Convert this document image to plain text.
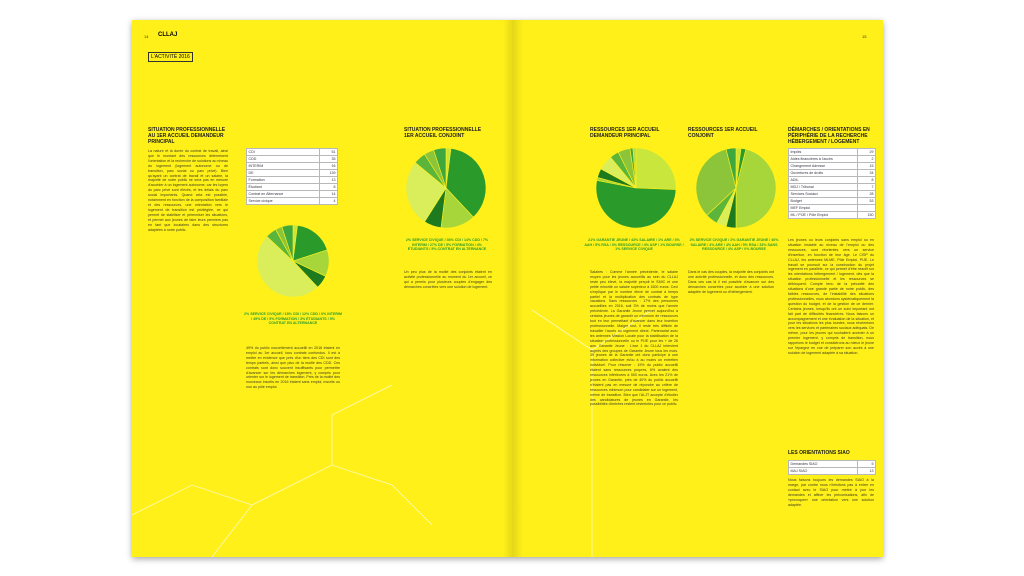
14 CLLAJ
L'ACTIVITÉ 2016
SITUATION PROFESSIONNELLE AU 1ER ACCUEIL DEMANDEUR PRINCIPAL
La nature et la durée du contrat de travail, ainsi que le montant des ressources déterminent l'orientation et la recherche de solutions au niveau du logement (logement autonome ou de transition, parc social ou parc privé). Bien qu'ayant un contrat de travail et un salaire, la majorité de notre public ne sera pas en mesure d'accéder à un logement autonome, car les loyers du parc privé sont élevés, et les délais du parc social importants. Quand cela est possible, notamment en fonction de la composition familiale et des ressources, une orientation vers le logement de transition est privilégiée, ce qui permet de stabiliser et pérenniser les situations, et permet aux jeunes de faire leurs premiers pas en tant que locataires dans des structures adaptées à notre public.
CDI	51
CDD	35
INTERIM	16
DE	139
Formation	13
Étudiant	8
Contrat en Alternance	14
Service civique	4
2% SERVICE CIVIQUE / 18% CDI / 12% CDD / 6% INTERIM / 49% DE / 5% FORMATION / 3% ÉTUDIANTS / 5% CONTRAT EN ALTERNANCE
49% du public nouvellement accueilli en 2016 étaient en emploi au 1er accueil, tous contrats confondus. Il est à mettre en évidence que près d'un tiers des CDI sont des temps partiels, ainsi que plus de la moitié des CDD. Ces contrats sont donc souvent insuffisants pour permettre d'avancer sur les démarches logement, y compris pour orienter sur le logement de transition. Près de la moitié des nouveaux inscrits en 2016 étaient sans emploi, inscrits ou non au pôle emploi.
SITUATION PROFESSIONNELLE 1ER ACCUEIL CONJOINT
2% SERVICE CIVIQUE / 36% CDI / 14% CDD / 7% INTERIM / 27% DE / 5% FORMATION / 4% ÉTUDIANTS / 5% CONTRAT EN ALTERNANCE
Un peu plus de la moitié des conjoints étaient en activité professionnelle au moment du 1er accueil, ce qui a permis pour plusieurs couples d'engager des démarches concrètes vers une solution de logement.
15
RESSOURCES 1ER ACCUEIL DEMANDEUR PRINCIPAL
21% GARANTIE JEUNE / 43% SALAIRE / 1% ARE / 3% AAH / 5% RSA / 3% RESSOURCE / 4% ASP / 1% BOURSE / 1% SERVICE CIVIQUE
Salaires : Comme l'année précédente, le salaire moyen pour les jeunes accueillis au sein du CLLAJ reste peu élevé, la majorité perçoit le SMIC et une petite minorité un salaire supérieur à 1500 euros. Ceci s'explique par le nombre élevé de contrat à temps partiel et la multiplication des contrats de type vacations. Sans ressources : 17% des personnes accueillies en 2016, soit 3% de moins que l'année précédente. La Garantie Jeune permet aujourd'hui à certains jeunes de garantir un minimum de ressources tout en leur permettant d'avancer dans leur insertion professionnelle. Malgré tout, il reste très difficile de travailler l'accès au logement direct. Partenariat avec les antennes Mission Locale pour la stabilisation de la situation professionnelle ou le PIJE pour les + de 26 ans. Garantie Jeune : L'axe 1 du CLLAJ intervient auprès des groupes de Garantie Jeune tous les mois. 39 jeunes de la Garantie ont donc participé à une information collective et/ou à au moins un entretien individuel. Pour résumer : 19% du public accueilli étaient sans ressources propres, 6% avaient des ressources inférieures à 500 euros. Avec les 21% de jeunes en Garantie, près de 40% du public accueilli n'étaient pas en mesure de répondre au critère de ressources minimum pour candidater sur un logement, même de transition. Bien que l'ALJT accepte d'étudier des candidatures de jeunes en Garantie, les possibilités d'entrées restent restreintes pour ce public.
RESSOURCES 1ER ACCUEIL CONJOINT
2% SERVICE CIVIQUE / 2% GARANTIE JEUNE / 46% SALAIRE / 4% ARE / 4% AAH / 5% RSA / 33% SANS RESSOURCE / 4% ASP / 0% BOURSE
Dans le cas des couples, la majorité des conjoints ont une activité professionnelle, et donc des ressources. Dans ces cas là il est possible d'avancer sur des démarches concrètes pour accéder à une solution adaptée de logement ou d'hébergement.
DÉMARCHES / ORIENTATIONS EN PÉRIPHÉRIE DE LA RECHERCHE HÉBERGEMENT / LOGEMENT
Impôts	29
Aides financières à l'accès	2
Changement Adresse	15
Ouvertures de droits	34
ADIL	8
MDJ / Tribunal	7
Services Sociaux	28
Budget	53
MEF Emploi	
ML / PIJE / Pôle Emploi	150
Les jeunes ou leurs conjoints sans emploi ou en situation instable au niveau de l'emploi ou des ressources, sont réorientés vers un service d'insertion, en fonction de leur âge. Le CISP du CLLAJ, les antennes MLME, Pôle Emploi, PIJE. Le travail se poursuit sur la construction du projet logement en parallèle, ce qui permet d'être réactif sur les orientations hébergement / logement, dès que la situation professionnelle et les ressources se débloquent. Compte tenu de la précarité des situations d'une grande partie de notre public, des faibles ressources, de l'instabilité des situations professionnelles, nous abordons systématiquement la question du budget, et de la gestion de ce dernier. Certains jeunes, lorsqu'ils ont un suivi important ont fait part de difficultés financières. Nous faisons un accompagnement et une évaluation de la situation, et pour les situations les plus lourdes, nous réorientons vers les services et partenaires sociaux adéquats. De même, pour les jeunes qui souhaitent accéder à un premier logement, y compris de transition, nous rappelons le budget et considérons au mieux le jeune sur l'épargne en vue de préparer son accès à une solution de logement adaptée à sa situation.
LES ORIENTATIONS SIAO
Demandes SIAO	5
MAJ SIAO	13
Nous faisons toujours les demandes SIAO à la marge, par contre nous n'hésitons pas à entrer en contact avec le SIAO pour mettre à jour les demandes et affiner les préconisations, afin de «provoquer» une orientation vers une solution adaptée.
